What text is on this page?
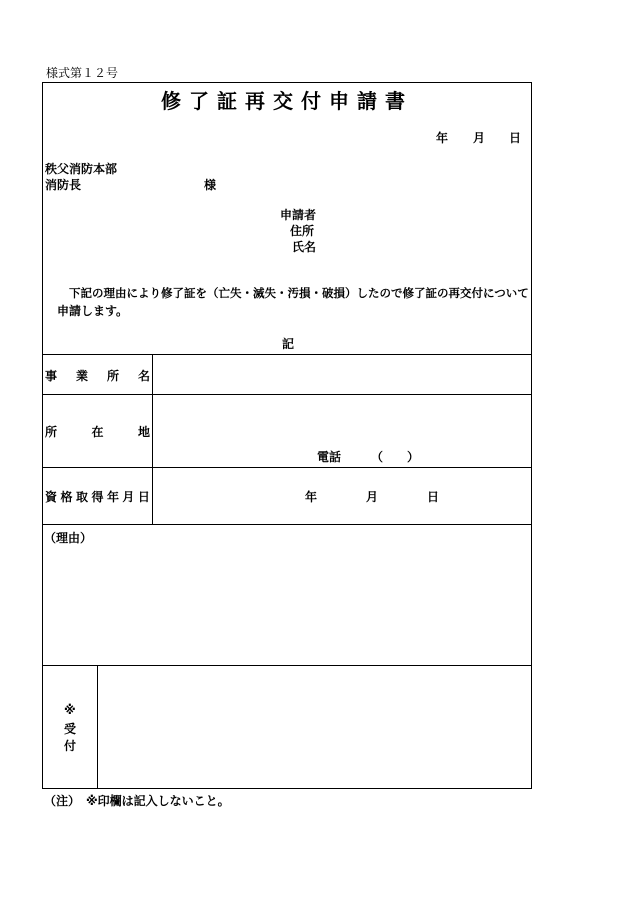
様式第１２号
修了証再交付申請書
年 月 日
秩父消防本部
消防長	様
申請者
住所
氏名
下記の理由により修了証を（亡失・滅失・汚損・破損）したので修了証の再交付について
申請します。
記
事 業 所 名
所	在	地
電話 （　　）
資 格 取 得 年 月 日	年	月	日
（理由）
※
受
付
（注）　※印欄は記入しないこと。
